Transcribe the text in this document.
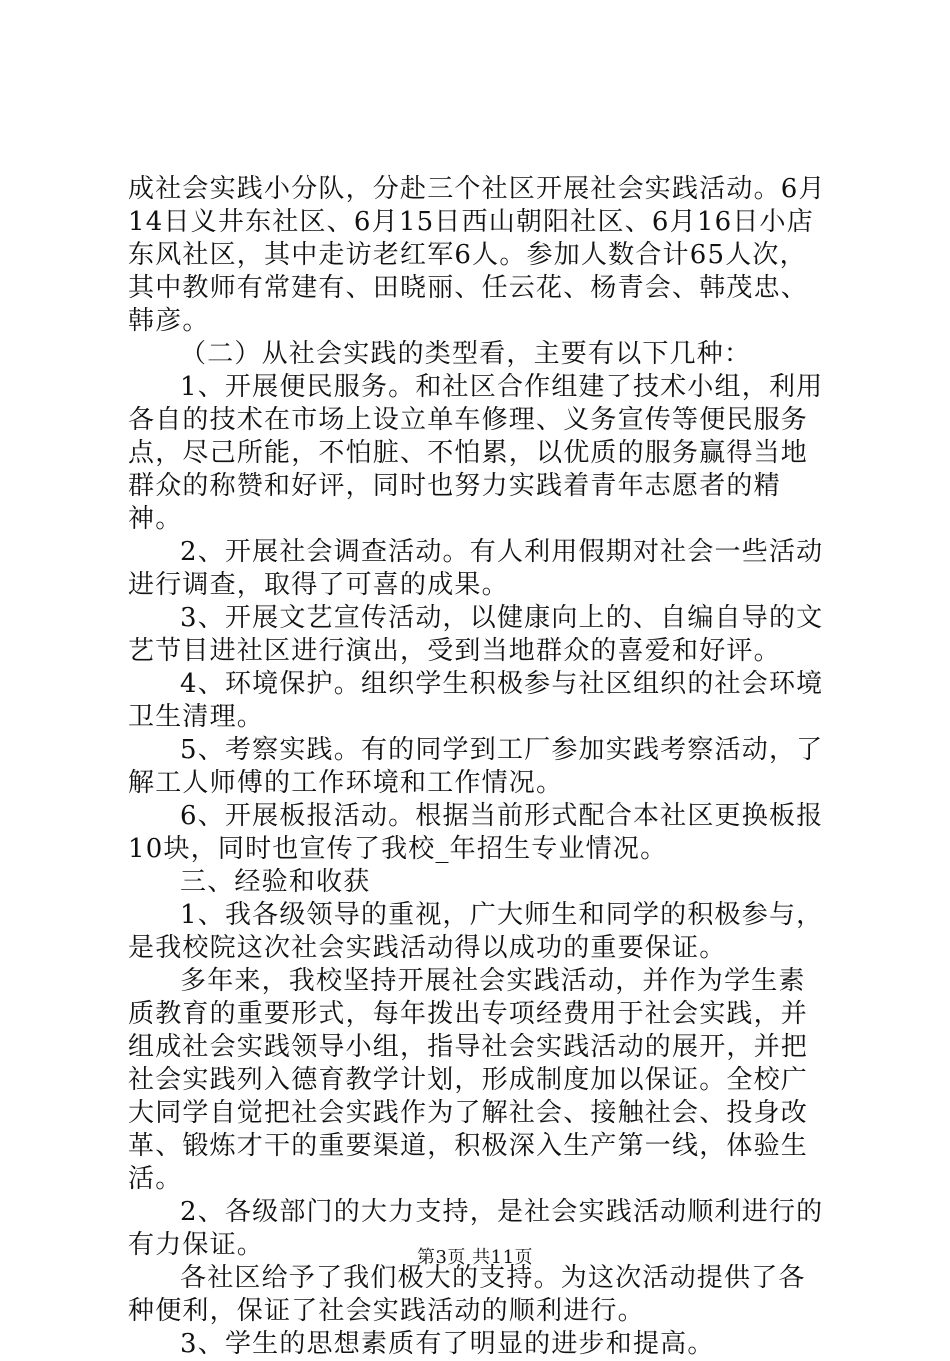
成社会实践小分队，分赴三个社区开展社会实践活动。6月14日义井东社区、6月15日西山朝阳社区、6月16日小店东风社区，其中走访老红军6人。参加人数合计65人次，其中教师有常建有、田晓丽、任云花、杨青会、韩茂忠、韩彦。

（二）从社会实践的类型看，主要有以下几种：

1、开展便民服务。和社区合作组建了技术小组，利用各自的技术在市场上设立单车修理、义务宣传等便民服务点，尽己所能，不怕脏、不怕累，以优质的服务赢得当地群众的称赞和好评，同时也努力实践着青年志愿者的精神。

2、开展社会调查活动。有人利用假期对社会一些活动进行调查，取得了可喜的成果。

3、开展文艺宣传活动，以健康向上的、自编自导的文艺节目进社区进行演出，受到当地群众的喜爱和好评。

4、环境保护。组织学生积极参与社区组织的社会环境卫生清理。

5、考察实践。有的同学到工厂参加实践考察活动，了解工人师傅的工作环境和工作情况。

6、开展板报活动。根据当前形式配合本社区更换板报10块，同时也宣传了我校_年招生专业情况。

三、经验和收获

1、我各级领导的重视，广大师生和同学的积极参与，是我校院这次社会实践活动得以成功的重要保证。

多年来，我校坚持开展社会实践活动，并作为学生素质教育的重要形式，每年拨出专项经费用于社会实践，并组成社会实践领导小组，指导社会实践活动的展开，并把社会实践列入德育教学计划，形成制度加以保证。全校广大同学自觉把社会实践作为了解社会、接触社会、投身改革、锻炼才干的重要渠道，积极深入生产第一线，体验生活。

2、各级部门的大力支持，是社会实践活动顺利进行的有力保证。

各社区给予了我们极大的支持。为这次活动提供了各种便利，保证了社会实践活动的顺利进行。

3、学生的思想素质有了明显的进步和提高。

第3页 共11页
